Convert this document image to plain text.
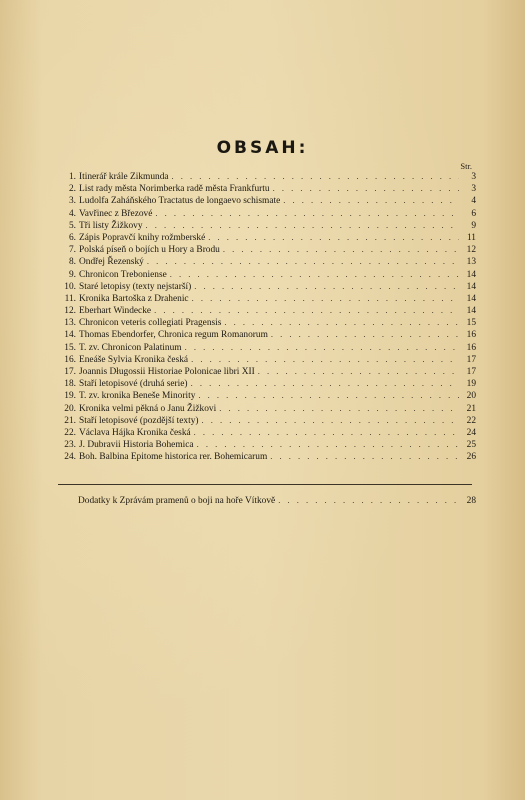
OBSAH:
Str.
1. Itinerář krále Zikmunda . . .	3
2. List rady města Norimberka radě města Frankfurtu . . .	3
3. Ludolfa Zaháňského Tractatus de longaevo schismate . . .	4
4. Vavřinec z Březové . . .	6
5. Tři listy Žižkovy . . .	9
6. Zápis Popravčí knihy rožmberské . . .	11
7. Polská píseň o bojích u Hory a Brodu . . .	12
8. Ondřej Řezenský . . .	13
9. Chronicon Treboniense . . .	14
10. Staré letopisy (texty nejstarší) . . .	14
11. Kronika Bartoška z Drahenic . . .	14
12. Eberhart Windecke . . .	14
13. Chronicon veteris collegiati Pragensis . . .	15
14. Thomas Ebendorfer, Chronica regum Romanorum . . .	16
15. T. zv. Chronicon Palatinum . . .	16
16. Eneáše Sylvia Kronika česká . . .	17
17. Joannis Długossii Historiae Polonicae libri XII . . .	17
18. Staří letopisové (druhá serie) . . .	19
19. T. zv. kronika Beneše Minority . . .	20
20. Kronika velmi pěkná o Janu Žižkovi . . .	21
21. Staří letopisové (pozdější texty) . . .	22
22. Václava Hájka Kronika česká . . .	24
23. J. Dubravii Historia Bohemica . . .	25
24. Boh. Balbina Epitome historica rer. Bohemicarum . . .	26
Dodatky k Zprávám pramenů o boji na hoře Vítkově . . .	28
